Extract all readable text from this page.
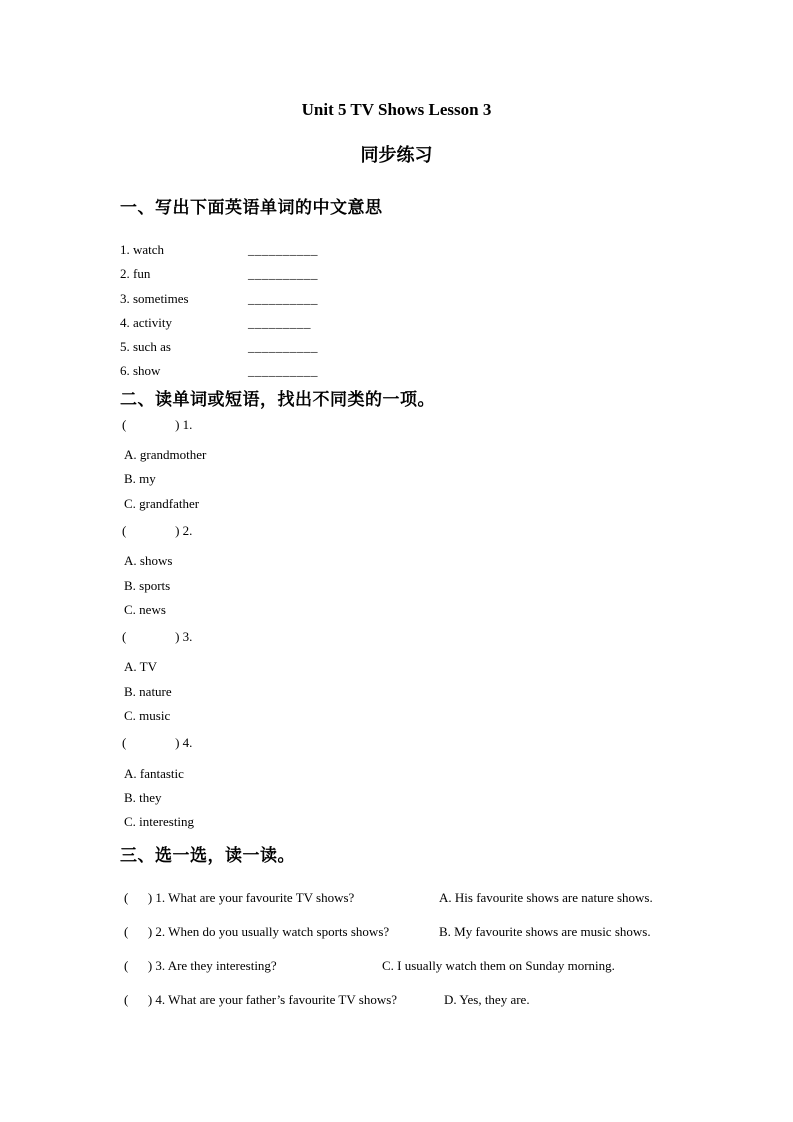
Unit 5 TV Shows Lesson 3
同步练习
一、写出下面英语单词的中文意思
1. watch	__________
2. fun	__________
3. sometimes	__________
4. activity	_________
5. such as	__________
6. show	__________
二、读单词或短语，找出不同类的一项。
(               ) 1.
A. grandmother
B. my
C. grandfather
(               ) 2.
A. shows
B. sports
C. news
(               ) 3.
A. TV
B. nature
C. music
(               ) 4.
A. fantastic
B. they
C. interesting
三、选一选，读一读。
(      ) 1. What are your favourite TV shows?	A. His favourite shows are nature shows.
(      ) 2. When do you usually watch sports shows?	B. My favourite shows are music shows.
(      ) 3. Are they interesting?	C. I usually watch them on Sunday morning.
(      ) 4. What are your father’s favourite TV shows?	D. Yes, they are.
